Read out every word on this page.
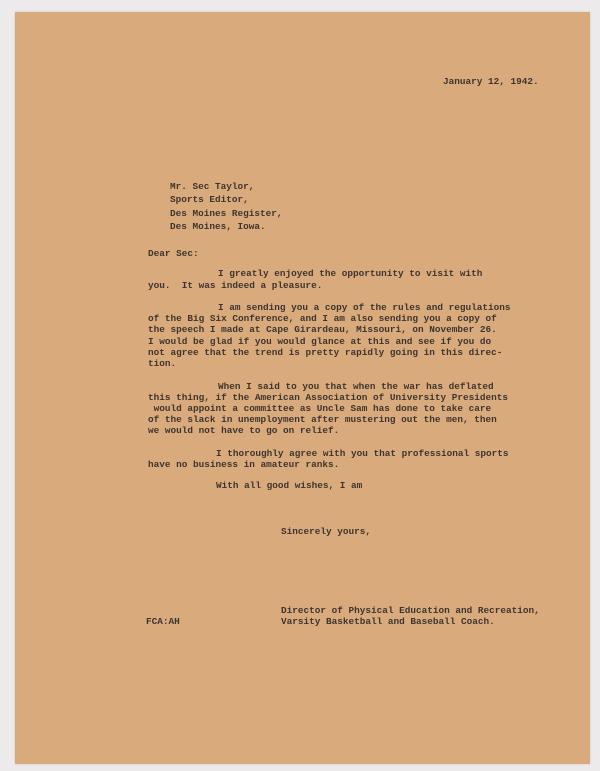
January 12, 1942.
Mr. Sec Taylor,
Sports Editor,
Des Moines Register,
Des Moines, Iowa.
Dear Sec:
I greatly enjoyed the opportunity to visit with
you.  It was indeed a pleasure.
I am sending you a copy of the rules and regulations
of the Big Six Conference, and I am also sending you a copy of
the speech I made at Cape Girardeau, Missouri, on November 26.
I would be glad if you would glance at this and see if you do
not agree that the trend is pretty rapidly going in this direc-
tion.
When I said to you that when the war has deflated
this thing, if the American Association of University Presidents
would appoint a committee as Uncle Sam has done to take care
of the slack in unemployment after mustering out the men, then
we would not have to go on relief.
I thoroughly agree with you that professional sports
have no business in amateur ranks.
With all good wishes, I am
Sincerely yours,
Director of Physical Education and Recreation,
Varsity Basketball and Baseball Coach.
FCA:AH
